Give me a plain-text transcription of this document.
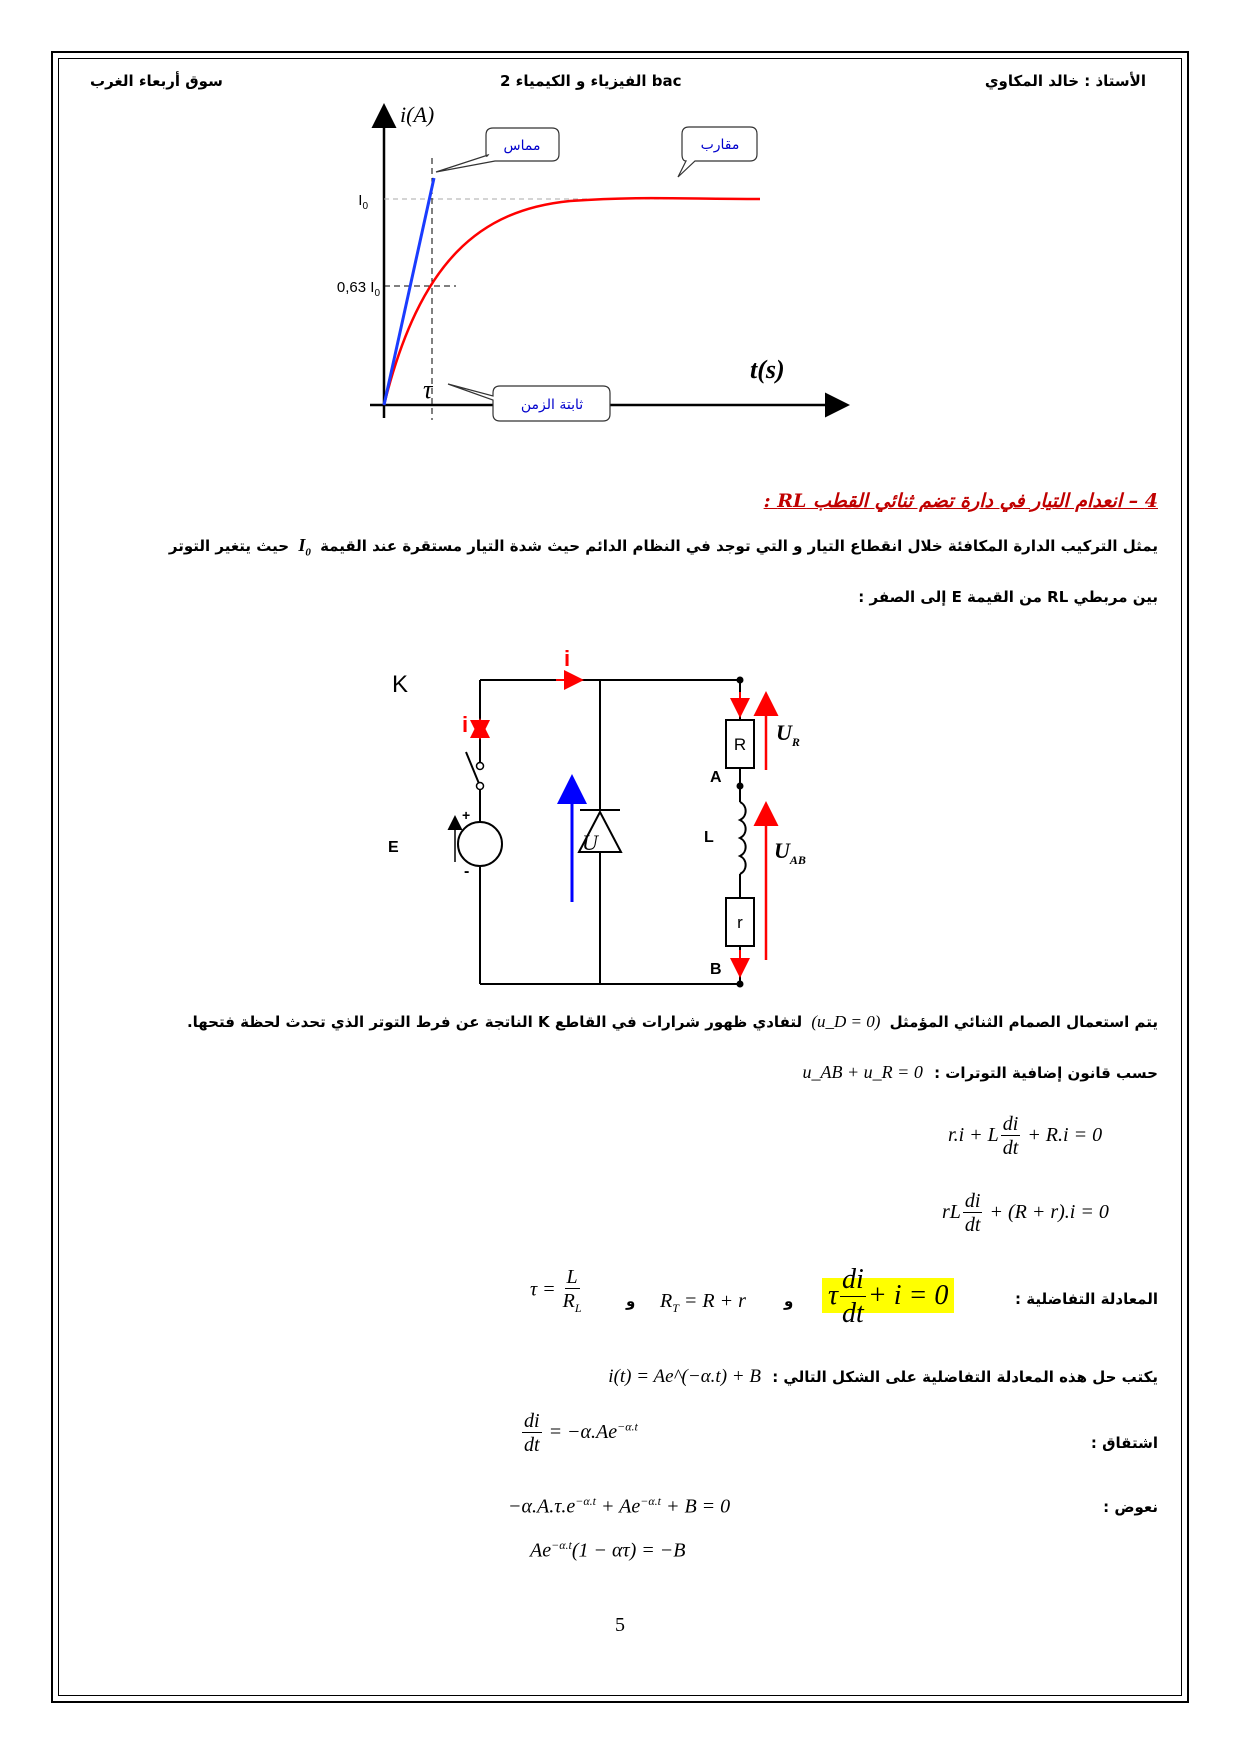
الأستاذ : خالد المكاوي
الفيزياء و الكيمياء 2 bac
سوق أربعاء الغرب
مماس	مقارب
ثابتة الزمن
i(A)
t(s)
$I_0$
0,63 $I_0$
τ
4 – انعدام التيار في دارة تضم ثنائي القطب RL :
يمثل التركيب الدارة المكافئة خلال انقطاع التيار و التي توجد في النظام الدائم حيث شدة التيار مستقرة عند القيمة $I_0$ حيث يتغير التوتر
بين مربطي RL من القيمة E إلى الصفر :
i
i
K
E
+
-
U
R $U_R$
A
L
r
$U_{AB}$
B
يتم استعمال الصمام الثنائي المؤمثل (u_D = 0) لتفادي ظهور شرارات في القاطع K الناتجة عن فرط التوتر الذي تحدث لحظة فتحها.
حسب قانون إضافية التوترات : u_AB + u_R = 0
r.i + L $\frac{di}{dt} + R.i = 0$
rL $\frac{di}{dt} + (R + r).i = 0$
المعادلة التفاضلية :
τ $\frac{di}{dt} + i = 0$
و
$R_T = R + r$
و
$\tau = \frac{L}{R_L}$
يكتب حل هذه المعادلة التفاضلية على الشكل التالي : i(t) = Ae^(−α.t) + B
اشتقاق :
$\frac{di}{dt} = -\alpha.Ae^{-\alpha.t}$
نعوض :
$-\alpha.A.\tau.e^{-\alpha.t} + Ae^{-\alpha.t} + B = 0$
$Ae^{-\alpha.t}(1 - \alpha\tau) = -B$
5
